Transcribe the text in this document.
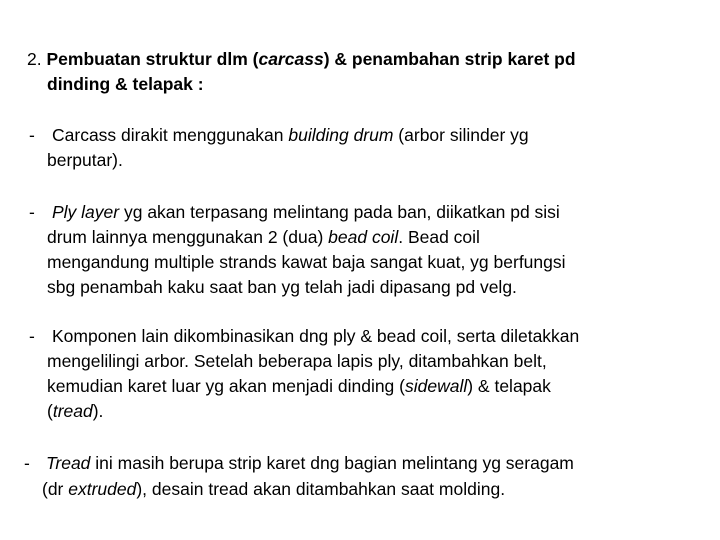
2. Pembuatan struktur dlm (carcass) & penambahan strip karet pd
dinding & telapak :
- Carcass dirakit menggunakan building drum (arbor silinder yg
berputar).
- Ply layer yg akan terpasang melintang pada ban, diikatkan pd sisi
drum lainnya menggunakan 2 (dua) bead coil. Bead coil
mengandung multiple strands kawat baja sangat kuat, yg berfungsi
sbg penambah kaku saat ban yg telah jadi dipasang pd velg.
- Komponen lain dikombinasikan dng ply & bead coil, serta diletakkan
mengelilingi arbor. Setelah beberapa lapis ply, ditambahkan belt,
kemudian karet luar yg akan menjadi dinding (sidewall) & telapak
(tread).
- Tread ini masih berupa strip karet dng bagian melintang yg seragam
(dr extruded), desain tread akan ditambahkan saat molding.
